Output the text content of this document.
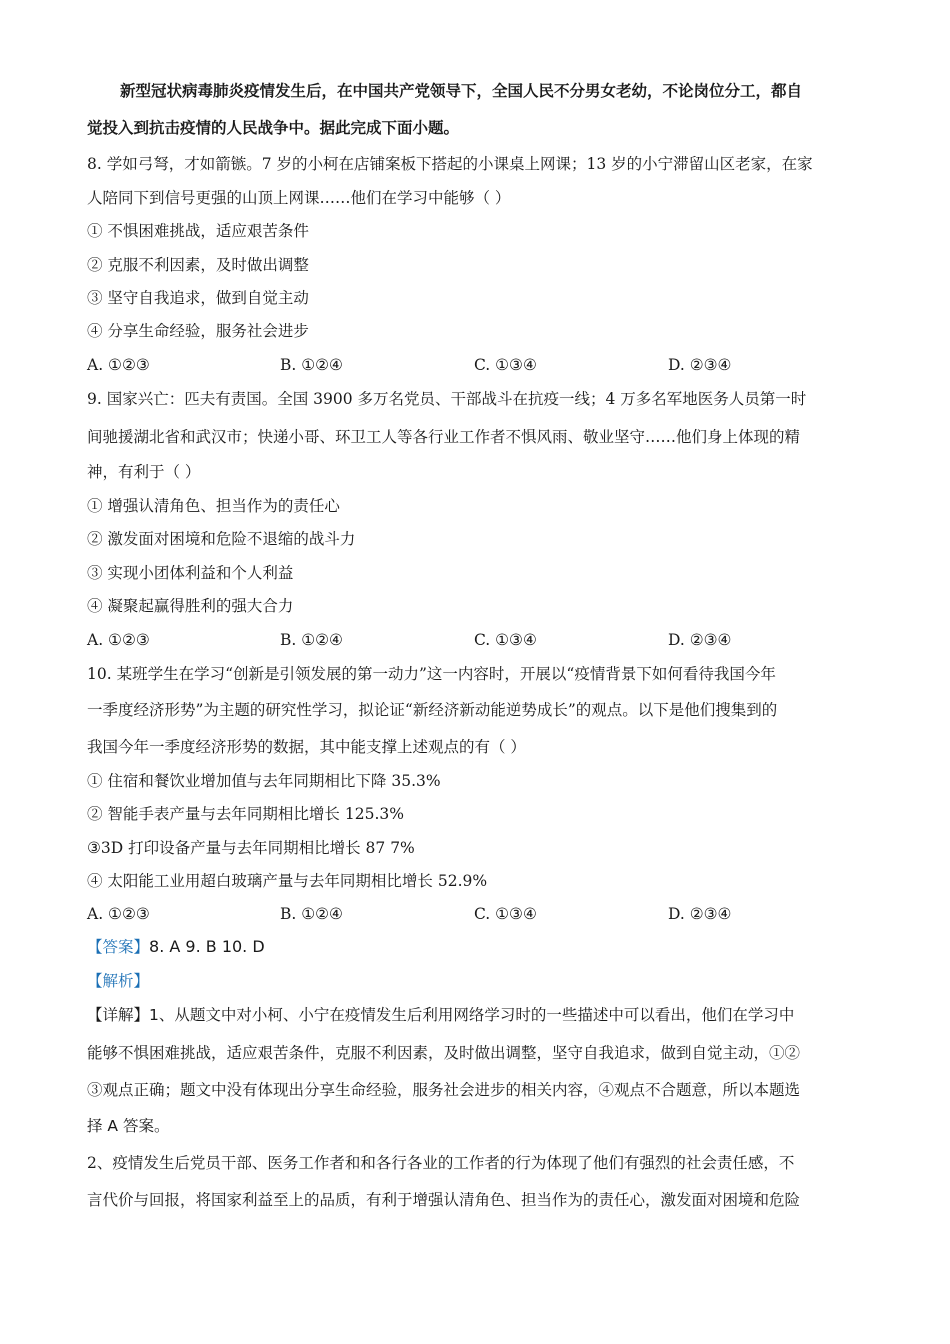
新型冠状病毒肺炎疫情发生后，在中国共产党领导下，全国人民不分男女老幼，不论岗位分工，都自
觉投入到抗击疫情的人民战争中。据此完成下面小题。
8. 学如弓弩，才如箭镞。7 岁的小柯在店铺案板下搭起的小课桌上网课；13 岁的小宁滞留山区老家，在家
人陪同下到信号更强的山顶上网课……他们在学习中能够（ ）
① 不惧困难挑战，适应艰苦条件
② 克服不利因素，及时做出调整
③ 坚守自我追求，做到自觉主动
④ 分享生命经验，服务社会进步
A. ①②③	B. ①②④	C. ①③④	D. ②③④
9. 国家兴亡：匹夫有责国。全国 3900 多万名党员、干部战斗在抗疫一线；4 万多名军地医务人员第一时
间驰援湖北省和武汉市；快递小哥、环卫工人等各行业工作者不惧风雨、敬业坚守……他们身上体现的精
神，有利于（ ）
① 增强认清角色、担当作为的责任心
② 激发面对困境和危险不退缩的战斗力
③ 实现小团体利益和个人利益
④ 凝聚起赢得胜利的强大合力
A. ①②③	B. ①②④	C. ①③④	D. ②③④
10. 某班学生在学习“创新是引领发展的第一动力”这一内容时，开展以“疫情背景下如何看待我国今年
一季度经济形势”为主题的研究性学习，拟论证“新经济新动能逆势成长”的观点。以下是他们搜集到的
我国今年一季度经济形势的数据，其中能支撑上述观点的有（ ）
① 住宿和餐饮业增加值与去年同期相比下降 35.3%
② 智能手表产量与去年同期相比增长 125.3%
③3D 打印设备产量与去年同期相比增长 87 7%
④ 太阳能工业用超白玻璃产量与去年同期相比增长 52.9%
A. ①②③	B. ①②④	C. ①③④	D. ②③④
【答案】8. A 9. B 10. D
【解析】
【详解】1、从题文中对小柯、小宁在疫情发生后利用网络学习时的一些描述中可以看出，他们在学习中
能够不惧困难挑战，适应艰苦条件，克服不利因素，及时做出调整，坚守自我追求，做到自觉主动，①②
③观点正确；题文中没有体现出分享生命经验，服务社会进步的相关内容，④观点不合题意，所以本题选
择 A 答案。
2、疫情发生后党员干部、医务工作者和和各行各业的工作者的行为体现了他们有强烈的社会责任感，不
言代价与回报，将国家利益至上的品质，有利于增强认清角色、担当作为的责任心，激发面对困境和危险
